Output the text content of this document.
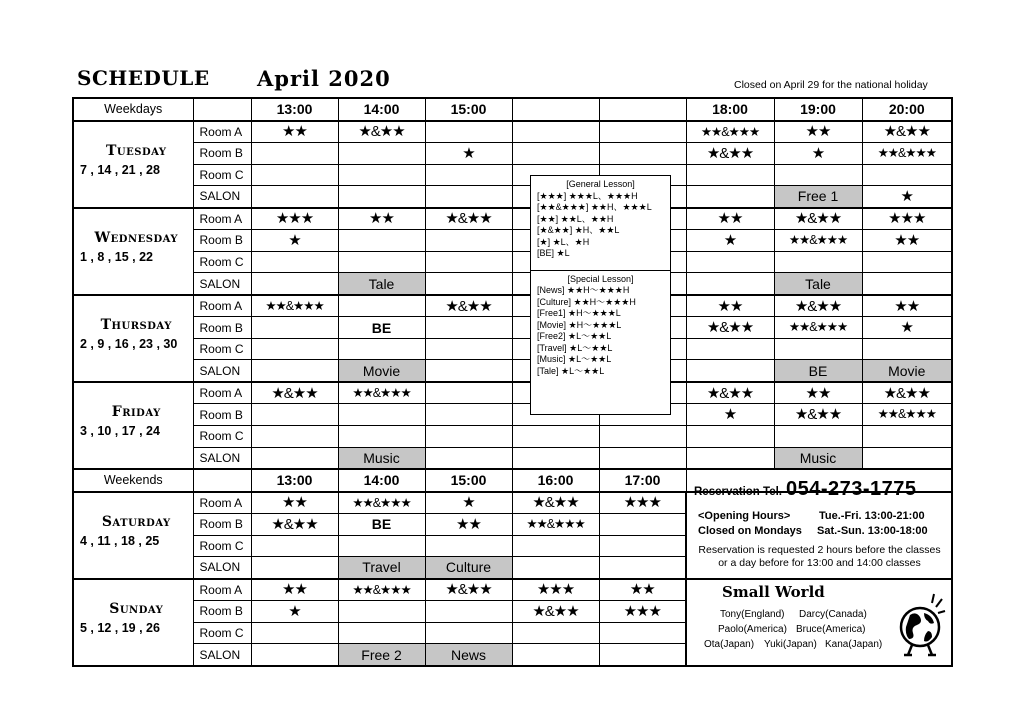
SCHEDULE April 2020	Closed on April 29 for the national holiday
Weekdays		13:00	14:00	15:00			18:00	19:00	20:00

Tuesday
7 , 14 , 21 , 28	Room A	★★	★&★★				★★&★★★	★★	★&★★
	Room B			★			★&★★	★	★★&★★★
	Room C								
	SALON							Free 1	★

Wednesday
1 , 8 , 15 , 22	Room A	★★★	★★	★&★★			★★	★&★★	★★★
	Room B	★					★	★★&★★★	★★
	Room C								
	SALON		Tale					Tale	

Thursday
2 , 9 , 16 , 23 , 30	Room A	★★&★★★		★&★★			★★	★&★★	★★
	Room B		BE				★&★★	★★&★★★	★
	Room C								
	SALON		Movie					BE	Movie

Friday
3 , 10 , 17 , 24	Room A	★&★★	★★&★★★				★&★★	★★	★&★★
	Room B						★	★&★★	★★&★★★
	Room C								
	SALON		Music					Music	
Weekends		13:00	14:00	15:00	16:00	17:00			

Saturday
4 , 11 , 18 , 25	Room A	★★	★★&★★★	★	★&★★	★★★			
	Room B	★&★★	BE	★★	★★&★★★				
	Room C								
	SALON		Travel	Culture					

Sunday
5 , 12 , 19 , 26	Room A	★★	★★&★★★	★&★★	★★★	★★			
	Room B	★			★&★★	★★★			
	Room C								
	SALON		Free 2	News					
[General Lesson]
[★★★] ★★★L、★★★H
[★★&★★★] ★★H、★★★L
[★★] ★★L、★★H
[★&★★] ★H、★★L
[★] ★L、★H
[BE] ★L
[Special Lesson]
[News] ★★H～★★★H
[Culture] ★★H～★★★H
[Free1] ★H～★★★L
[Movie] ★H～★★★L
[Free2] ★L～★★L
[Travel] ★L～★★L
[Music] ★L～★★L
[Tale] ★L～★★L
Reservation Tel. 054-273-1775
<Opening Hours>	Tue.-Fri. 13:00-21:00
Closed on Mondays Sat.-Sun. 13:00-18:00
Reservation is requested 2 hours before the classes
or a day before for 13:00 and 14:00 classes
Small World
Tony(England) Darcy(Canada)
Paolo(America) Bruce(America)
Ota(Japan) Yuki(Japan) Kana(Japan)
